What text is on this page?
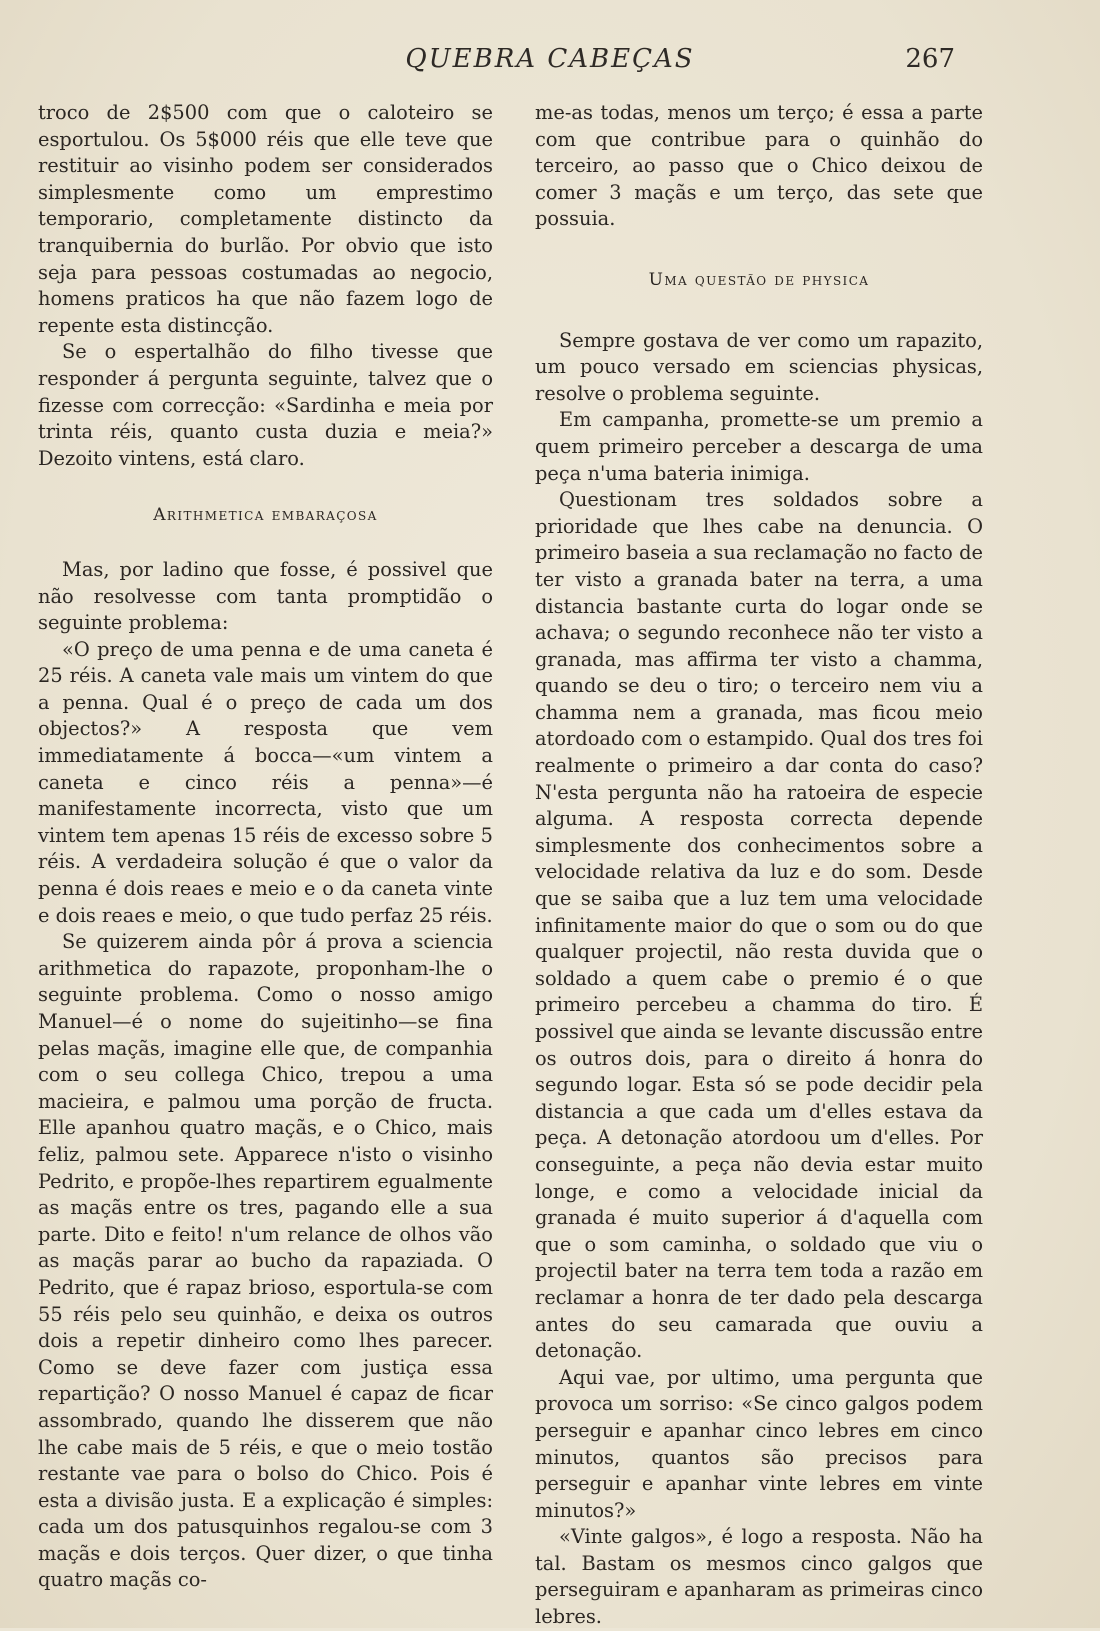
QUEBRA CABEÇAS	267

troco de 2$500 com que o caloteiro se esportulou. Os 5$000 réis que elle teve que restituir ao visinho podem ser considerados simplesmente como um emprestimo temporario, completamente distincto da tranquibernia do burlão. Por obvio que isto seja para pessoas costumadas ao negocio, homens praticos ha que não fazem logo de repente esta distincção.

Se o espertalhão do filho tivesse que responder á pergunta seguinte, talvez que o fizesse com correcção: «Sardinha e meia por trinta réis, quanto custa duzia e meia?» Dezoito vintens, está claro.

Arithmetica embaraçosa

Mas, por ladino que fosse, é possivel que não resolvesse com tanta promptidão o seguinte problema:

«O preço de uma penna e de uma caneta é 25 réis. A caneta vale mais um vintem do que a penna. Qual é o preço de cada um dos objectos?» A resposta que vem immediatamente á bocca—«um vintem a caneta e cinco réis a penna»—é manifestamente incorrecta, visto que um vintem tem apenas 15 réis de excesso sobre 5 réis. A verdadeira solução é que o valor da penna é dois reaes e meio e o da caneta vinte e dois reaes e meio, o que tudo perfaz 25 réis.

Se quizerem ainda pôr á prova a sciencia arithmetica do rapazote, proponham-lhe o seguinte problema. Como o nosso amigo Manuel—é o nome do sujeitinho—se fina pelas maçãs, imagine elle que, de companhia com o seu collega Chico, trepou a uma macieira, e palmou uma porção de fructa. Elle apanhou quatro maçãs, e o Chico, mais feliz, palmou sete. Apparece n'isto o visinho Pedrito, e propõe-lhes repartirem egualmente as maçãs entre os tres, pagando elle a sua parte. Dito e feito! n'um relance de olhos vão as maçãs parar ao bucho da rapaziada. O Pedrito, que é rapaz brioso, esportula-se com 55 réis pelo seu quinhão, e deixa os outros dois a repetir dinheiro como lhes parecer. Como se deve fazer com justiça essa repartição? O nosso Manuel é capaz de ficar assombrado, quando lhe disserem que não lhe cabe mais de 5 réis, e que o meio tostão restante vae para o bolso do Chico. Pois é esta a divisão justa. E a explicação é simples: cada um dos patusquinhos regalou-se com 3 maçãs e dois terços. Quer dizer, o que tinha quatro maçãs co-

me-as todas, menos um terço; é essa a parte com que contribue para o quinhão do terceiro, ao passo que o Chico deixou de comer 3 maçãs e um terço, das sete que possuia.

Uma questão de physica

Sempre gostava de ver como um rapazito, um pouco versado em sciencias physicas, resolve o problema seguinte.

Em campanha, promette-se um premio a quem primeiro perceber a descarga de uma peça n'uma bateria inimiga.

Questionam tres soldados sobre a prioridade que lhes cabe na denuncia. O primeiro baseia a sua reclamação no facto de ter visto a granada bater na terra, a uma distancia bastante curta do logar onde se achava; o segundo reconhece não ter visto a granada, mas affirma ter visto a chamma, quando se deu o tiro; o terceiro nem viu a chamma nem a granada, mas ficou meio atordoado com o estampido. Qual dos tres foi realmente o primeiro a dar conta do caso? N'esta pergunta não ha ratoeira de especie alguma. A resposta correcta depende simplesmente dos conhecimentos sobre a velocidade relativa da luz e do som. Desde que se saiba que a luz tem uma velocidade infinitamente maior do que o som ou do que qualquer projectil, não resta duvida que o soldado a quem cabe o premio é o que primeiro percebeu a chamma do tiro. É possivel que ainda se levante discussão entre os outros dois, para o direito á honra do segundo logar. Esta só se pode decidir pela distancia a que cada um d'elles estava da peça. A detonação atordoou um d'elles. Por conseguinte, a peça não devia estar muito longe, e como a velocidade inicial da granada é muito superior á d'aquella com que o som caminha, o soldado que viu o projectil bater na terra tem toda a razão em reclamar a honra de ter dado pela descarga antes do seu camarada que ouviu a detonação.

Aqui vae, por ultimo, uma pergunta que provoca um sorriso: «Se cinco galgos podem perseguir e apanhar cinco lebres em cinco minutos, quantos são precisos para perseguir e apanhar vinte lebres em vinte minutos?»

«Vinte galgos», é logo a resposta. Não ha tal. Bastam os mesmos cinco galgos que perseguiram e apanharam as primeiras cinco lebres.
